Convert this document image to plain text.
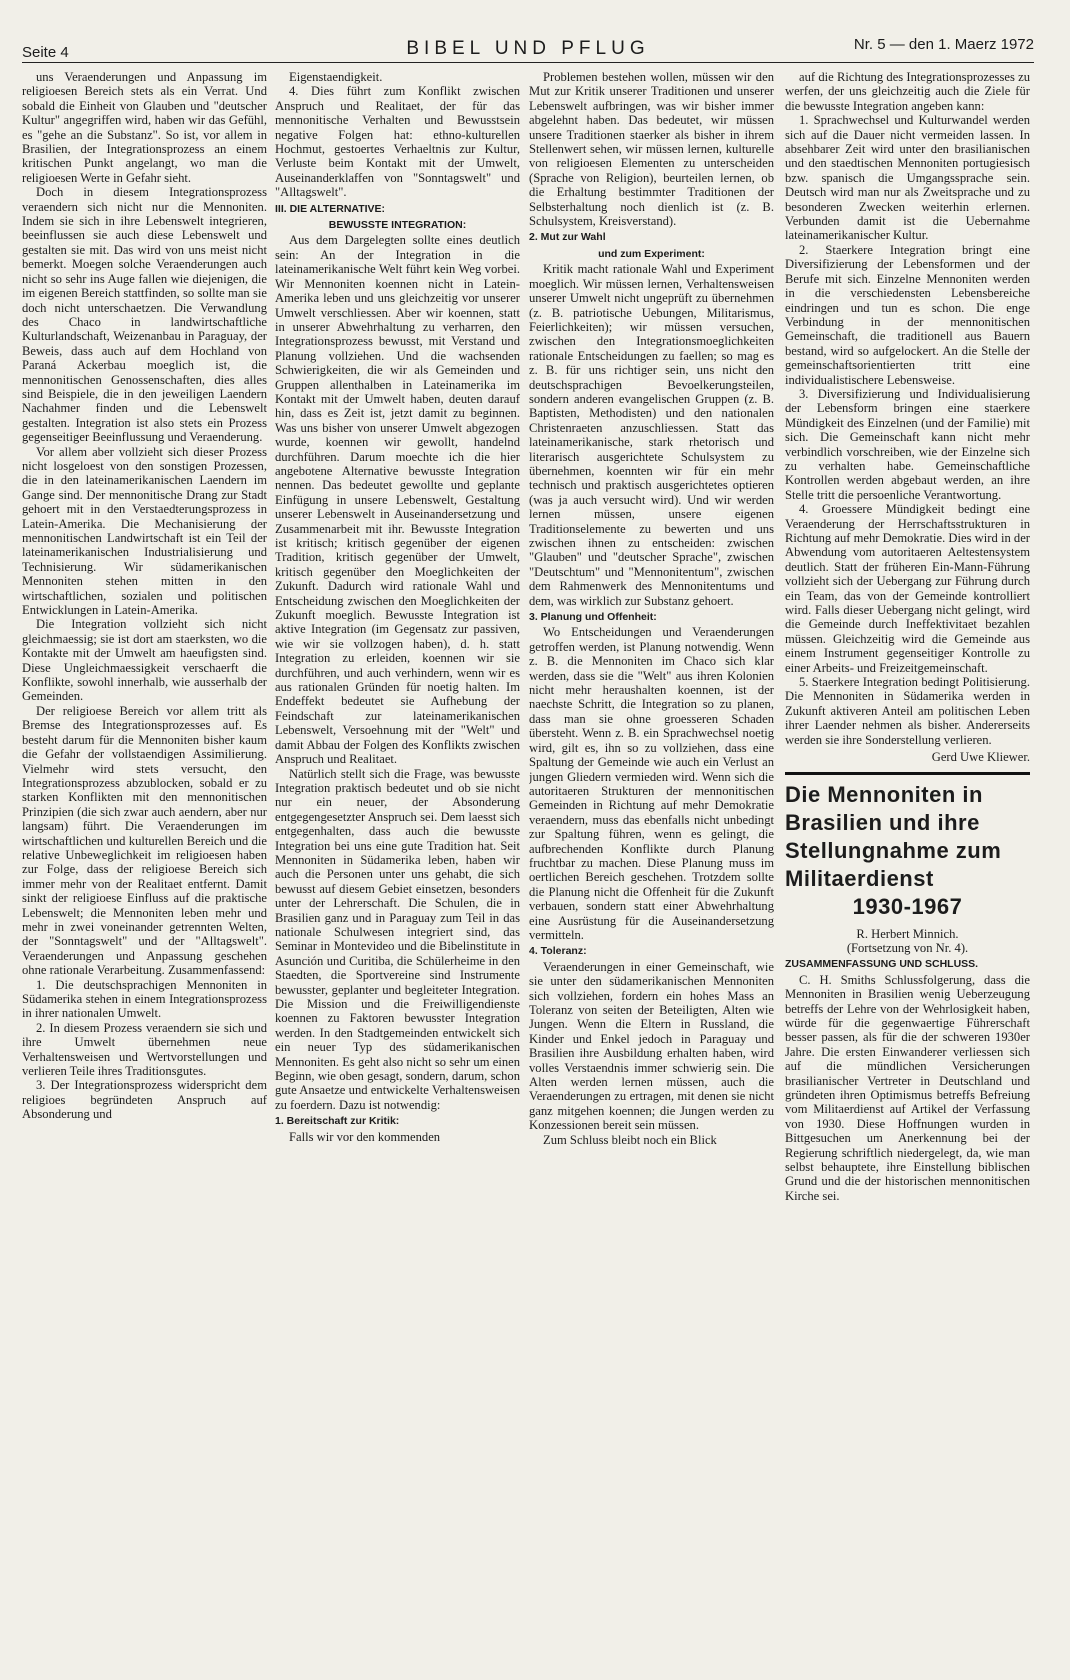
Seite 4	BIBEL UND PFLUG	Nr. 5 — den 1. Maerz 1972

uns Veraenderungen und Anpassung im religioesen Bereich stets als ein Verrat. Und sobald die Einheit von Glauben und "deutscher Kultur" angegriffen wird, haben wir das Gefühl, es "gehe an die Substanz". So ist, vor allem in Brasilien, der Integrationsprozess an einem kritischen Punkt angelangt, wo man die religioesen Werte in Gefahr sieht.

Doch in diesem Integrationsprozess veraendern sich nicht nur die Mennoniten. Indem sie sich in ihre Lebenswelt integrieren, beeinflussen sie auch diese Lebenswelt und gestalten sie mit. Das wird von uns meist nicht bemerkt. Moegen solche Veraenderungen auch nicht so sehr ins Auge fallen wie diejenigen, die im eigenen Bereich stattfinden, so sollte man sie doch nicht unterschaetzen. Die Verwandlung des Chaco in landwirtschaftliche Kulturlandschaft, Weizenanbau in Paraguay, der Beweis, dass auch auf dem Hochland von Paraná Ackerbau moeglich ist, die mennonitischen Genossenschaften, dies alles sind Beispiele, die in den jeweiligen Laendern Nachahmer finden und die Lebenswelt gestalten. Integration ist also stets ein Prozess gegenseitiger Beeinflussung und Veraenderung.

Vor allem aber vollzieht sich dieser Prozess nicht losgeloest von den sonstigen Prozessen, die in den lateinamerikanischen Laendern im Gange sind. Der mennonitische Drang zur Stadt gehoert mit in den Verstaedterungsprozess in Latein-Amerika. Die Mechanisierung der mennonitischen Landwirtschaft ist ein Teil der lateinamerikanischen Industrialisierung und Technisierung. Wir südamerikanischen Mennoniten stehen mitten in den wirtschaftlichen, sozialen und politischen Entwicklungen in Latein-Amerika.

Die Integration vollzieht sich nicht gleichmaessig; sie ist dort am staerksten, wo die Kontakte mit der Umwelt am haeufigsten sind. Diese Ungleichmaessigkeit verschaerft die Konflikte, sowohl innerhalb, wie ausserhalb der Gemeinden.

Der religioese Bereich vor allem tritt als Bremse des Integrationsprozesses auf. Es besteht darum für die Mennoniten bisher kaum die Gefahr der vollstaendigen Assimilierung. Vielmehr wird stets versucht, den Integrationsprozess abzublocken, sobald er zu starken Konflikten mit den mennonitischen Prinzipien (die sich zwar auch aendern, aber nur langsam) führt. Die Veraenderungen im wirtschaftlichen und kulturellen Bereich und die relative Unbeweglichkeit im religioesen haben zur Folge, dass der religioese Bereich sich immer mehr von der Realitaet entfernt. Damit sinkt der religioese Einfluss auf die praktische Lebenswelt; die Mennoniten leben mehr und mehr in zwei voneinander getrennten Welten, der "Sonntagswelt" und der "Alltagswelt". Veraenderungen und Anpassung geschehen ohne rationale Verarbeitung. Zusammenfassend:

1. Die deutschsprachigen Mennoniten in Südamerika stehen in einem Integrationsprozess in ihrer nationalen Umwelt.

2. In diesem Prozess veraendern sie sich und ihre Umwelt übernehmen neue Verhaltensweisen und Wertvorstellungen und verlieren Teile ihres Traditionsgutes.

3. Der Integrationsprozess widerspricht dem religioes begründeten Anspruch auf Absonderung und

Eigenstaendigkeit.

4. Dies führt zum Konflikt zwischen Anspruch und Realitaet, der für das mennonitische Verhalten und Bewusstsein negative Folgen hat: ethno-kulturellen Hochmut, gestoertes Verhaeltnis zur Kultur, Verluste beim Kontakt mit der Umwelt, Auseinanderklaffen von "Sonntagswelt" und "Alltagswelt".

III. DIE ALTERNATIVE:

BEWUSSTE INTEGRATION:

Aus dem Dargelegten sollte eines deutlich sein: An der Integration in die lateinamerikanische Welt führt kein Weg vorbei. Wir Mennoniten koennen nicht in Latein-Amerika leben und uns gleichzeitig vor unserer Umwelt verschliessen. Aber wir koennen, statt in unserer Abwehrhaltung zu verharren, den Integrationsprozess bewusst, mit Verstand und Planung vollziehen. Und die wachsenden Schwierigkeiten, die wir als Gemeinden und Gruppen allenthalben in Lateinamerika im Kontakt mit der Umwelt haben, deuten darauf hin, dass es Zeit ist, jetzt damit zu beginnen. Was uns bisher von unserer Umwelt abgezogen wurde, koennen wir gewollt, handelnd durchführen. Darum moechte ich die hier angebotene Alternative bewusste Integration nennen. Das bedeutet gewollte und geplante Einfügung in unsere Lebenswelt, Gestaltung unserer Lebenswelt in Auseinandersetzung und Zusammenarbeit mit ihr. Bewusste Integration ist kritisch; kritisch gegenüber der eigenen Tradition, kritisch gegenüber der Umwelt, kritisch gegenüber den Moeglichkeiten der Zukunft. Dadurch wird rationale Wahl und Entscheidung zwischen den Moeglichkeiten der Zukunft moeglich. Bewusste Integration ist aktive Integration (im Gegensatz zur passiven, wie wir sie vollzogen haben), d. h. statt Integration zu erleiden, koennen wir sie durchführen, und auch verhindern, wenn wir es aus rationalen Gründen für noetig halten. Im Endeffekt bedeutet sie Aufhebung der Feindschaft zur lateinamerikanischen Lebenswelt, Versoehnung mit der "Welt" und damit Abbau der Folgen des Konflikts zwischen Anspruch und Realitaet.

Natürlich stellt sich die Frage, was bewusste Integration praktisch bedeutet und ob sie nicht nur ein neuer, der Absonderung entgegengesetzter Anspruch sei. Dem laesst sich entgegenhalten, dass auch die bewusste Integration bei uns eine gute Tradition hat. Seit Mennoniten in Südamerika leben, haben wir auch die Personen unter uns gehabt, die sich bewusst auf diesem Gebiet einsetzen, besonders unter der Lehrerschaft. Die Schulen, die in Brasilien ganz und in Paraguay zum Teil in das nationale Schulwesen integriert sind, das Seminar in Montevideo und die Bibelinstitute in Asunción und Curitiba, die Schülerheime in den Staedten, die Sportvereine sind Instrumente bewusster, geplanter und begleiteter Integration. Die Mission und die Freiwilligendienste koennen zu Faktoren bewusster Integration werden. In den Stadtgemeinden entwickelt sich ein neuer Typ des südamerikanischen Mennoniten. Es geht also nicht so sehr um einen Beginn, wie oben gesagt, sondern, darum, schon gute Ansaetze und entwickelte Verhaltensweisen zu foerdern. Dazu ist notwendig:

1. Bereitschaft zur Kritik:

Falls wir vor den kommenden

Problemen bestehen wollen, müssen wir den Mut zur Kritik unserer Traditionen und unserer Lebenswelt aufbringen, was wir bisher immer abgelehnt haben. Das bedeutet, wir müssen unsere Traditionen staerker als bisher in ihrem Stellenwert sehen, wir müssen lernen, kulturelle von religioesen Elementen zu unterscheiden (Sprache von Religion), beurteilen lernen, ob die Erhaltung bestimmter Traditionen der Selbsterhaltung noch dienlich ist (z. B. Schulsystem, Kreisverstand).

2. Mut zur Wahl

und zum Experiment:

Kritik macht rationale Wahl und Experiment moeglich. Wir müssen lernen, Verhaltensweisen unserer Umwelt nicht ungeprüft zu übernehmen (z. B. patriotische Uebungen, Militarismus, Feierlichkeiten); wir müssen versuchen, zwischen den Integrationsmoeglichkeiten rationale Entscheidungen zu faellen; so mag es z. B. für uns richtiger sein, uns nicht den deutschsprachigen Bevoelkerungsteilen, sondern anderen evangelischen Gruppen (z. B. Baptisten, Methodisten) und den nationalen Christenraeten anzuschliessen. Statt das lateinamerikanische, stark rhetorisch und literarisch ausgerichtete Schulsystem zu übernehmen, koennten wir für ein mehr technisch und praktisch ausgerichtetes optieren (was ja auch versucht wird). Und wir werden lernen müssen, unsere eigenen Traditionselemente zu bewerten und uns zwischen ihnen zu entscheiden: zwischen "Glauben" und "deutscher Sprache", zwischen "Deutschtum" und "Mennonitentum", zwischen dem Rahmenwerk des Mennonitentums und dem, was wirklich zur Substanz gehoert.

3. Planung und Offenheit:

Wo Entscheidungen und Veraenderungen getroffen werden, ist Planung notwendig. Wenn z. B. die Mennoniten im Chaco sich klar werden, dass sie die "Welt" aus ihren Kolonien nicht mehr heraushalten koennen, ist der naechste Schritt, die Integration so zu planen, dass man sie ohne groesseren Schaden übersteht. Wenn z. B. ein Sprachwechsel noetig wird, gilt es, ihn so zu vollziehen, dass eine Spaltung der Gemeinde wie auch ein Verlust an jungen Gliedern vermieden wird. Wenn sich die autoritaeren Strukturen der mennonitischen Gemeinden in Richtung auf mehr Demokratie veraendern, muss das ebenfalls nicht unbedingt zur Spaltung führen, wenn es gelingt, die aufbrechenden Konflikte durch Planung fruchtbar zu machen. Diese Planung muss im oertlichen Bereich geschehen. Trotzdem sollte die Planung nicht die Offenheit für die Zukunft verbauen, sondern statt einer Abwehrhaltung eine Ausrüstung für die Auseinandersetzung vermitteln.

4. Toleranz:

Veraenderungen in einer Gemeinschaft, wie sie unter den südamerikanischen Mennoniten sich vollziehen, fordern ein hohes Mass an Toleranz von seiten der Beteiligten, Alten wie Jungen. Wenn die Eltern in Russland, die Kinder und Enkel jedoch in Paraguay und Brasilien ihre Ausbildung erhalten haben, wird volles Verstaendnis immer schwierig sein. Die Alten werden lernen müssen, auch die Veraenderungen zu ertragen, mit denen sie nicht ganz mitgehen koennen; die Jungen werden zu Konzessionen bereit sein müssen.

Zum Schluss bleibt noch ein Blick

auf die Richtung des Integrationsprozesses zu werfen, der uns gleichzeitig auch die Ziele für die bewusste Integration angeben kann:

1. Sprachwechsel und Kulturwandel werden sich auf die Dauer nicht vermeiden lassen. In absehbarer Zeit wird unter den brasilianischen und den staedtischen Mennoniten portugiesisch bzw. spanisch die Umgangssprache sein. Deutsch wird man nur als Zweitsprache und zu besonderen Zwecken weiterhin erlernen. Verbunden damit ist die Uebernahme lateinamerikanischer Kultur.

2. Staerkere Integration bringt eine Diversifizierung der Lebensformen und der Berufe mit sich. Einzelne Mennoniten werden in die verschiedensten Lebensbereiche eindringen und tun es schon. Die enge Verbindung in der mennonitischen Gemeinschaft, die traditionell aus Bauern bestand, wird so aufgelockert. An die Stelle der gemeinschaftsorientierten tritt eine individualistischere Lebensweise.

3. Diversifizierung und Individualisierung der Lebensform bringen eine staerkere Mündigkeit des Einzelnen (und der Familie) mit sich. Die Gemeinschaft kann nicht mehr verbindlich vorschreiben, wie der Einzelne sich zu verhalten habe. Gemeinschaftliche Kontrollen werden abgebaut werden, an ihre Stelle tritt die persoenliche Verantwortung.

4. Groessere Mündigkeit bedingt eine Veraenderung der Herrschaftsstrukturen in Richtung auf mehr Demokratie. Dies wird in der Abwendung vom autoritaeren Aeltestensystem deutlich. Statt der früheren Ein-Mann-Führung vollzieht sich der Uebergang zur Führung durch ein Team, das von der Gemeinde kontrolliert wird. Falls dieser Uebergang nicht gelingt, wird die Gemeinde durch Ineffektivitaet bezahlen müssen. Gleichzeitig wird die Gemeinde aus einem Instrument gegenseitiger Kontrolle zu einer Arbeits- und Freizeitgemeinschaft.

5. Staerkere Integration bedingt Politisierung. Die Mennoniten in Südamerika werden in Zukunft aktiveren Anteil am politischen Leben ihrer Laender nehmen als bisher. Andererseits werden sie ihre Sonderstellung verlieren.

Gerd Uwe Kliewer.

Die Mennoniten in Brasilien und ihre Stellungnahme zum Militaerdienst
1930-1967

R. Herbert Minnich.

(Fortsetzung von Nr. 4).

ZUSAMMENFASSUNG UND SCHLUSS.

C. H. Smiths Schlussfolgerung, dass die Mennoniten in Brasilien wenig Ueberzeugung betreffs der Lehre von der Wehrlosigkeit haben, würde für die gegenwaertige Führerschaft besser passen, als für die der schweren 1930er Jahre. Die ersten Einwanderer verliessen sich auf die mündlichen Versicherungen brasilianischer Vertreter in Deutschland und gründeten ihren Optimismus betreffs Befreiung vom Militaerdienst auf Artikel der Verfassung von 1930. Diese Hoffnungen wurden in Bittgesuchen um Anerkennung bei der Regierung schriftlich niedergelegt, da, wie man selbst behauptete, ihre Einstellung biblischen Grund und die der historischen mennonitischen Kirche sei.
